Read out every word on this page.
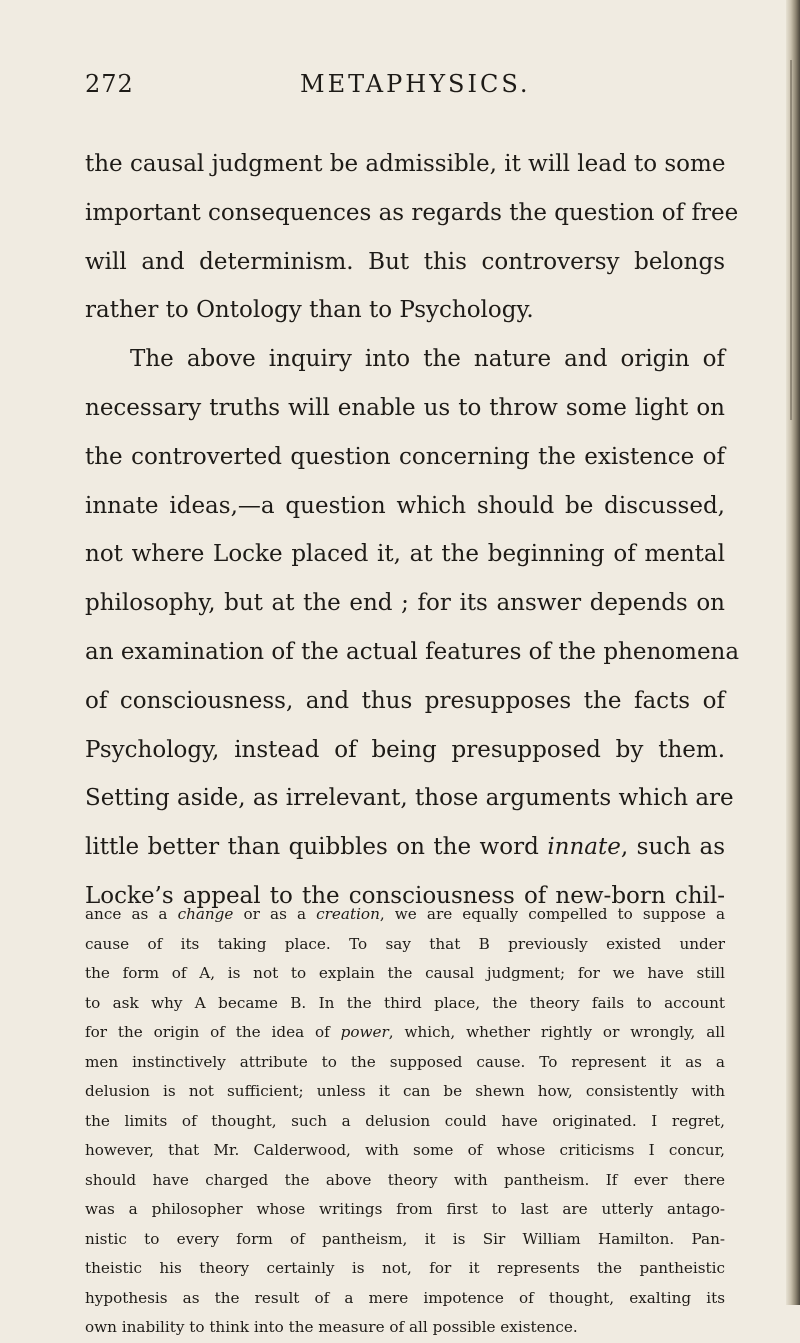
272	METAPHYSICS.
the causal judgment be admissible, it will lead to some
important consequences as regards the question of free
will and determinism. But this controversy belongs
rather to Ontology than to Psychology.
The above inquiry into the nature and origin of
necessary truths will enable us to throw some light on
the controverted question concerning the existence of
innate ideas,—a question which should be discussed,
not where Locke placed it, at the beginning of mental
philosophy, but at the end ; for its answer depends on
an examination of the actual features of the phenomena
of consciousness, and thus presupposes the facts of
Psychology, instead of being presupposed by them.
Setting aside, as irrelevant, those arguments which are
little better than quibbles on the word innate, such as
Locke’s appeal to the consciousness of new-born chil-
ance as a change or as a creation, we are equally compelled to suppose a
cause of its taking place. To say that B previously existed under
the form of A, is not to explain the causal judgment; for we have still
to ask why A became B. In the third place, the theory fails to account
for the origin of the idea of power, which, whether rightly or wrongly, all
men instinctively attribute to the supposed cause. To represent it as a
delusion is not sufficient; unless it can be shewn how, consistently with
the limits of thought, such a delusion could have originated. I regret,
however, that Mr. Calderwood, with some of whose criticisms I concur,
should have charged the above theory with pantheism. If ever there
was a philosopher whose writings from first to last are utterly antago-
nistic to every form of pantheism, it is Sir William Hamilton. Pan-
theistic his theory certainly is not, for it represents the pantheistic
hypothesis as the result of a mere impotence of thought, exalting its
own inability to think into the measure of all possible existence.
